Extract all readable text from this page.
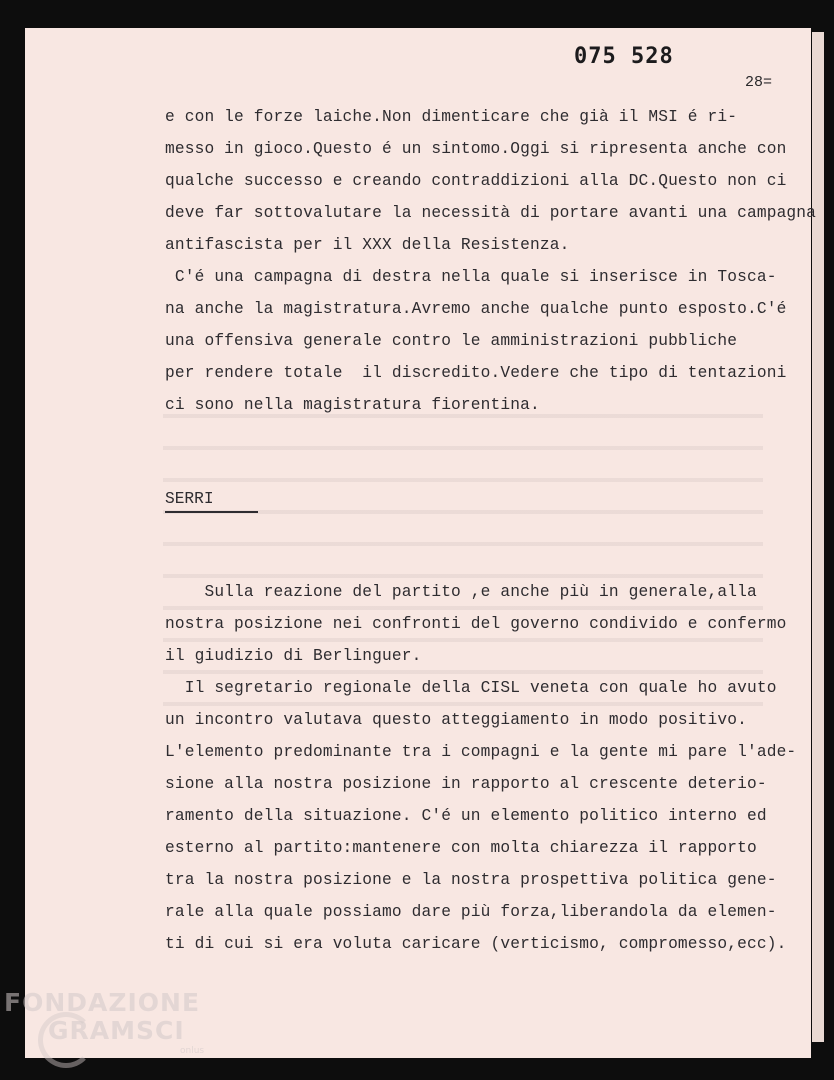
075 528
28=
e con le forze laiche.Non dimenticare che già il MSI é ri-
messo in gioco.Questo é un sintomo.Oggi si ripresenta anche con
qualche successo e creando contraddizioni alla DC.Questo non ci
deve far sottovalutare la necessità di portare avanti una campagna
antifascista per il XXX della Resistenza.
C'é una campagna di destra nella quale si inserisce in Tosca-
na anche la magistratura.Avremo anche qualche punto esposto.C'é
una offensiva generale contro le amministrazioni pubbliche
per rendere totale  il discredito.Vedere che tipo di tentazioni
ci sono nella magistratura fiorentina.
SERRI
Sulla reazione del partito ,e anche più in generale,alla
nostra posizione nei confronti del governo condivido e confermo
il giudizio di Berlinguer.
Il segretario regionale della CISL veneta con quale ho avuto
un incontro valutava questo atteggiamento in modo positivo.
L'elemento predominante tra i compagni e la gente mi pare l'ade-
sione alla nostra posizione in rapporto al crescente deterio-
ramento della situazione. C'é un elemento politico interno ed
esterno al partito:mantenere con molta chiarezza il rapporto
tra la nostra posizione e la nostra prospettiva politica gene-
rale alla quale possiamo dare più forza,liberandola da elemen-
ti di cui si era voluta caricare (verticismo, compromesso,ecc).
FONDAZIONE
GRAMSCI
onlus
